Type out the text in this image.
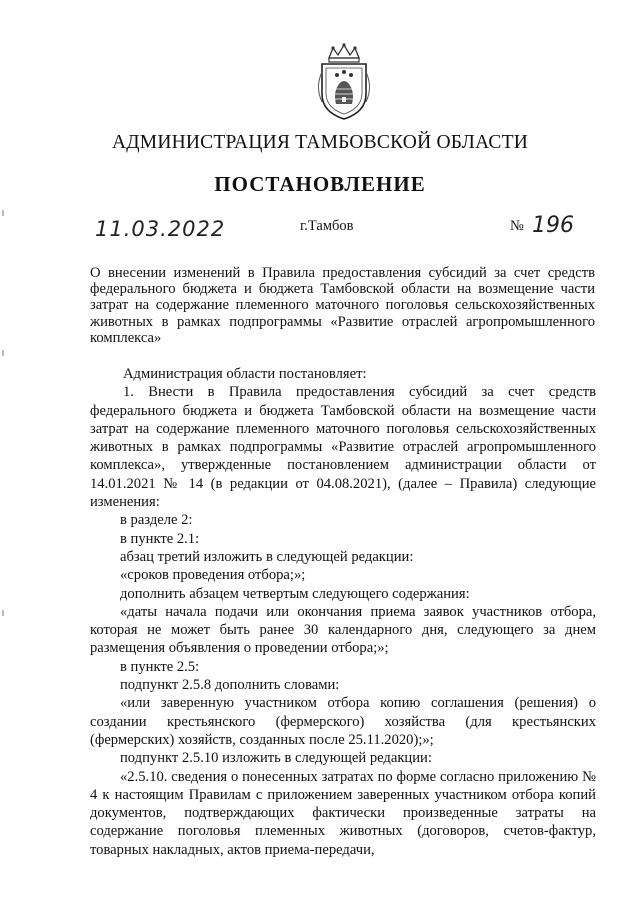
АДМИНИСТРАЦИЯ ТАМБОВСКОЙ ОБЛАСТИ
ПОСТАНОВЛЕНИЕ
11.03.2022	г.Тамбов	№ 196
О внесении изменений в Правила предоставления субсидий за счет средств федерального бюджета и бюджета Тамбовской области на возмещение части затрат на содержание племенного маточного поголовья сельскохозяйственных животных в рамках подпрограммы «Развитие отраслей агропромышленного комплекса»

Администрация области постановляет:

1. Внести в Правила предоставления субсидий за счет средств федерального бюджета и бюджета Тамбовской области на возмещение части затрат на содержание племенного маточного поголовья сельскохозяйственных животных в рамках подпрограммы «Развитие отраслей агропромышленного комплекса», утвержденные постановлением администрации области от 14.01.2021 № 14 (в редакции от 04.08.2021), (далее – Правила) следующие изменения:

в разделе 2:

в пункте 2.1:

абзац третий изложить в следующей редакции:

«сроков проведения отбора;»;

дополнить абзацем четвертым следующего содержания:

«даты начала подачи или окончания приема заявок участников отбора, которая не может быть ранее 30 календарного дня, следующего за днем размещения объявления о проведении отбора;»;

в пункте 2.5:

подпункт 2.5.8 дополнить словами:

«или заверенную участником отбора копию соглашения (решения) о создании крестьянского (фермерского) хозяйства (для крестьянских (фермерских) хозяйств, созданных после 25.11.2020);»;

подпункт 2.5.10 изложить в следующей редакции:

«2.5.10. сведения о понесенных затратах по форме согласно приложению № 4 к настоящим Правилам с приложением заверенных участником отбора копий документов, подтверждающих фактически произведенные затраты на содержание поголовья племенных животных (договоров, счетов-фактур, товарных накладных, актов приема-передачи,
